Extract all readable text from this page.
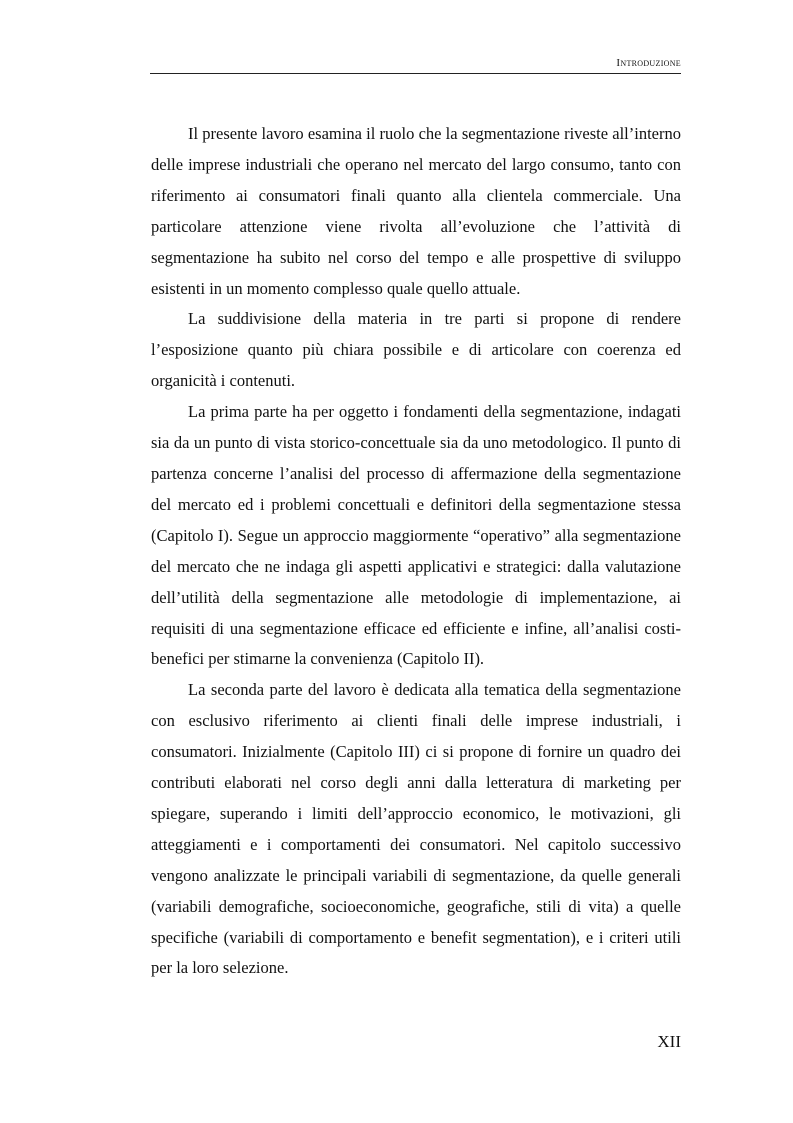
Introduzione

Il presente lavoro esamina il ruolo che la segmentazione riveste all’interno delle imprese industriali che operano nel mercato del largo consumo, tanto con riferimento ai consumatori finali quanto alla clientela commerciale. Una particolare attenzione viene rivolta all’evoluzione che l’attività di segmentazione ha subito nel corso del tempo e alle prospettive di sviluppo esistenti in un momento complesso quale quello attuale.

La suddivisione della materia in tre parti si propone di rendere l’esposizione quanto più chiara possibile e di articolare con coerenza ed organicità i contenuti.

La prima parte ha per oggetto i fondamenti della segmentazione, indagati sia da un punto di vista storico-concettuale sia da uno metodologico. Il punto di partenza concerne l’analisi del processo di affermazione della segmentazione del mercato ed i problemi concettuali e definitori della segmentazione stessa (Capitolo I). Segue un approccio maggiormente “operativo” alla segmentazione del mercato che ne indaga gli aspetti applicativi e strategici: dalla valutazione dell’utilità della segmentazione alle metodologie di implementazione, ai requisiti di una segmentazione efficace ed efficiente e infine, all’analisi costi-benefici per stimarne la convenienza (Capitolo II).

La seconda parte del lavoro è dedicata alla tematica della segmentazione con esclusivo riferimento ai clienti finali delle imprese industriali, i consumatori. Inizialmente (Capitolo III) ci si propone di fornire un quadro dei contributi elaborati nel corso degli anni dalla letteratura di marketing per spiegare, superando i limiti dell’approccio economico, le motivazioni, gli atteggiamenti e i comportamenti dei consumatori. Nel capitolo successivo vengono analizzate le principali variabili di segmentazione, da quelle generali (variabili demografiche, socioeconomiche, geografiche, stili di vita) a quelle specifiche (variabili di comportamento e benefit segmentation), e i criteri utili per la loro selezione.

XII
